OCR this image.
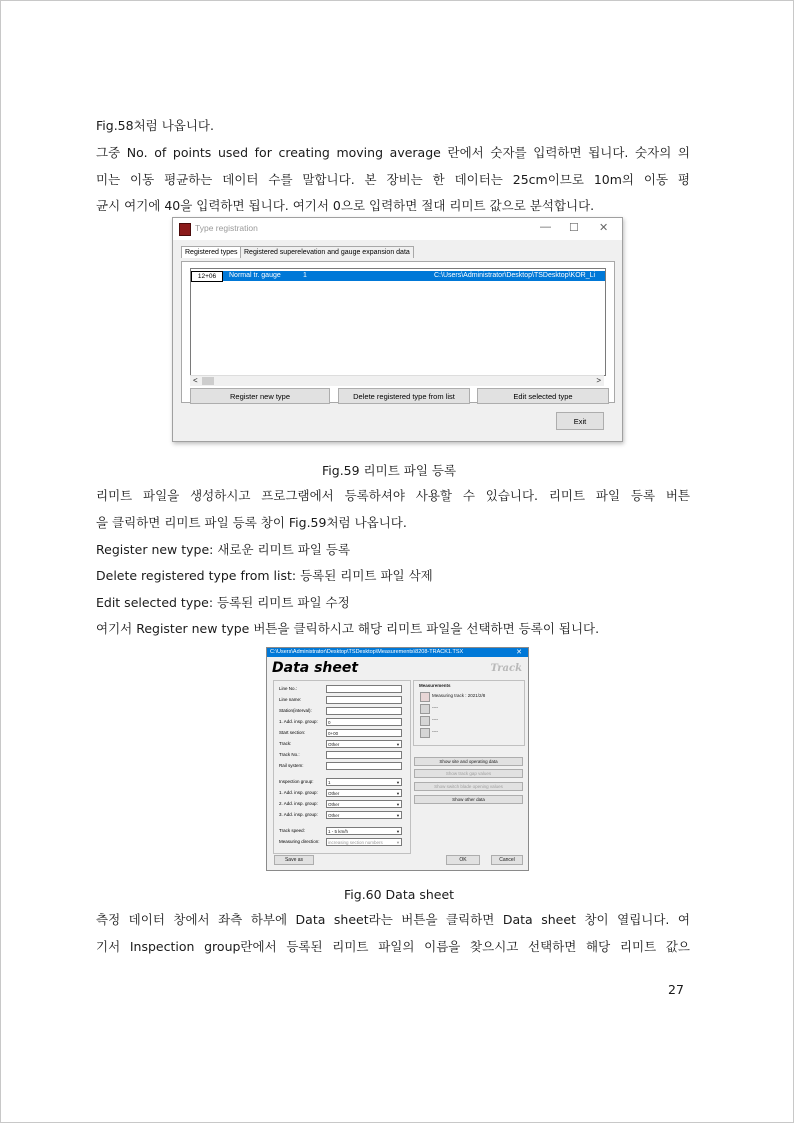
Fig.58처럼 나옵니다.
그중 No. of points used for creating moving average 란에서 숫자를 입력하면 됩니다. 숫자의 의
미는 이동 평균하는 데이터 수를 말합니다. 본 장비는 한 데이터는 25cm이므로 10m의 이동 평
균시 여기에 40을 입력하면 됩니다. 여기서 0으로 입력하면 절대 리미트 값으로 분석합니다.
Type registration	— ☐ ✕
Registered types Registered superelevation and gauge expansion data
12+06	Normal tr. gauge	1	C:\Users\Administrator\Desktop\TSDesktop\KOR_Li
<	>
Register new type	Delete registered type from list	Edit selected type
Exit
Fig.59 리미트 파일 등록
리미트 파일을 생성하시고 프로그램에서 등록하셔야 사용할 수 있습니다. 리미트 파일 등록 버튼
을 클릭하면 리미트 파일 등록 창이 Fig.59처럼 나옵니다.
Register new type: 새로운 리미트 파일 등록
Delete registered type from list: 등록된 리미트 파일 삭제
Edit selected type: 등록된 리미트 파일 수정
여기서 Register new type 버튼을 클릭하시고 해당 리미트 파일을 선택하면 등록이 됩니다.
C:\Users\Administrator\Desktop\TSDesktop\Measurements\8208-TRACK1.TSX	✕
Data sheet	Track
Line No.:
Line name:
Station(interval):
1. Add. insp. group:	0
Start section:	0+00
Track:	Other ▼
Track No.:
Rail system:
Inspection group:	1 ▼
1. Add. insp. group:	Other ▼
2. Add. insp. group:	Other ▼
3. Add. insp. group:	Other ▼
Track speed:	1 - 5 km/h ▼
Measuring direction:	increasing section numbers ▼
Measurements
Measuring track : 2021/2/8
----
----
----
Show site and operating data
Show track gap values
Show switch blade opening values
Show other data
Save as	OK	Cancel
Fig.60 Data sheet
측정 데이터 창에서 좌측 하부에 Data sheet라는 버튼을 클릭하면 Data sheet 창이 열립니다. 여
기서 Inspection group란에서 등록된 리미트 파일의 이름을 찾으시고 선택하면 해당 리미트 값으
27
